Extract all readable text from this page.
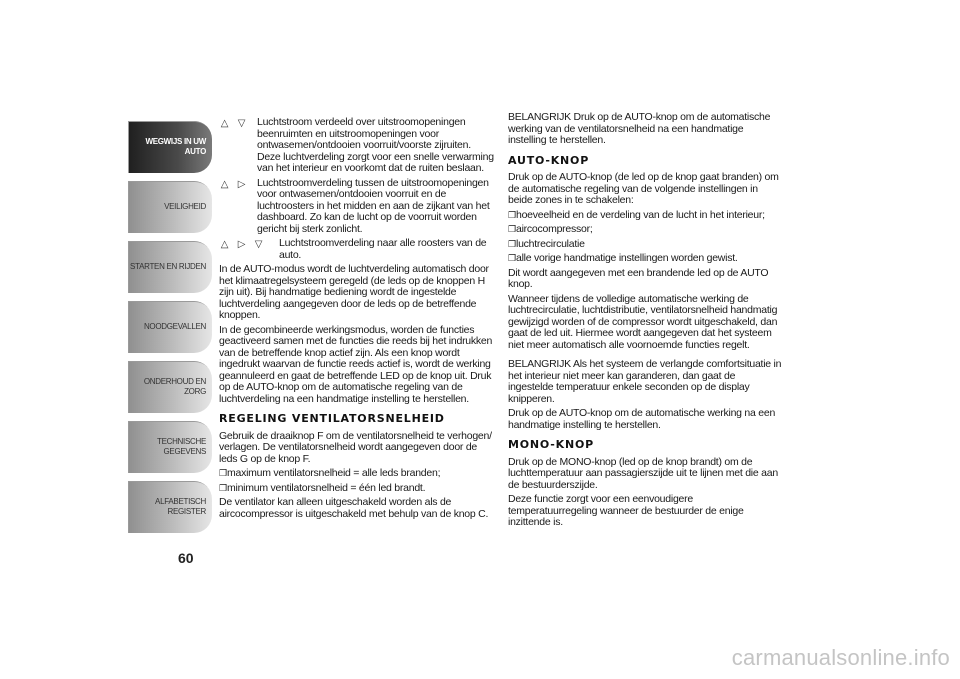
WEGWIJS IN UW
AUTO
VEILIGHEID
STARTEN EN RIJDEN
NOODGEVALLEN
ONDERHOUD EN
ZORG
TECHNISCHE
GEGEVENS
ALFABETISCH
REGISTER
60
△ ▽ Luchtstroom verdeeld over uitstroomopeningen beenruimten en uitstroomopeningen voor ontwasemen/ontdooien voorruit/voorste zijruiten. Deze luchtverdeling zorgt voor een snelle verwarming van het interieur en voorkomt dat de ruiten beslaan.
△ ▷ Luchtstroomverdeling tussen de uitstroomopeningen voor ontwasemen/ontdooien voorruit en de luchtroosters in het midden en aan de zijkant van het dashboard. Zo kan de lucht op de voorruit worden gericht bij sterk zonlicht.
△ ▷ ▽ Luchtstroomverdeling naar alle roosters van de auto.

In de AUTO-modus wordt de luchtverdeling automatisch door het klimaatregelsysteem geregeld (de leds op de knoppen H zijn uit). Bij handmatige bediening wordt de ingestelde luchtverdeling aangegeven door de leds op de betreffende knoppen.

In de gecombineerde werkingsmodus, worden de functies geactiveerd samen met de functies die reeds bij het indrukken van de betreffende knop actief zijn. Als een knop wordt ingedrukt waarvan de functie reeds actief is, wordt de werking geannuleerd en gaat de betreffende LED op de knop uit. Druk op de AUTO-knop om de automatische regeling van de luchtverdeling na een handmatige instelling te herstellen.

REGELING VENTILATORSNELHEID

Gebruik de draaiknop F om de ventilatorsnelheid te verhogen/ verlagen. De ventilatorsnelheid wordt aangegeven door de leds G op de knop F.

❒ maximum ventilatorsnelheid = alle leds branden;
❒ minimum ventilatorsnelheid = één led brandt.

De ventilator kan alleen uitgeschakeld worden als de aircocompressor is uitgeschakeld met behulp van de knop C.

BELANGRIJK Druk op de AUTO-knop om de automatische werking van de ventilatorsnelheid na een handmatige instelling te herstellen.

AUTO-KNOP

Druk op de AUTO-knop (de led op de knop gaat branden) om de automatische regeling van de volgende instellingen in beide zones in te schakelen:

❒ hoeveelheid en de verdeling van de lucht in het interieur;
❒ aircocompressor;
❒ luchtrecirculatie
❒ alle vorige handmatige instellingen worden gewist.

Dit wordt aangegeven met een brandende led op de AUTO knop.

Wanneer tijdens de volledige automatische werking de luchtrecirculatie, luchtdistributie, ventilatorsnelheid handmatig gewijzigd worden of de compressor wordt uitgeschakeld, dan gaat de led uit. Hiermee wordt aangegeven dat het systeem niet meer automatisch alle voornoemde functies regelt.

BELANGRIJK Als het systeem de verlangde comfortsituatie in het interieur niet meer kan garanderen, dan gaat de ingestelde temperatuur enkele seconden op de display knipperen.

Druk op de AUTO-knop om de automatische werking na een handmatige instelling te herstellen.

MONO-KNOP

Druk op de MONO-knop (led op de knop brandt) om de luchttemperatuur aan passagierszijde uit te lijnen met die aan de bestuurderszijde.

Deze functie zorgt voor een eenvoudigere temperatuurregeling wanneer de bestuurder de enige inzittende is.

carmanualsonline.info
